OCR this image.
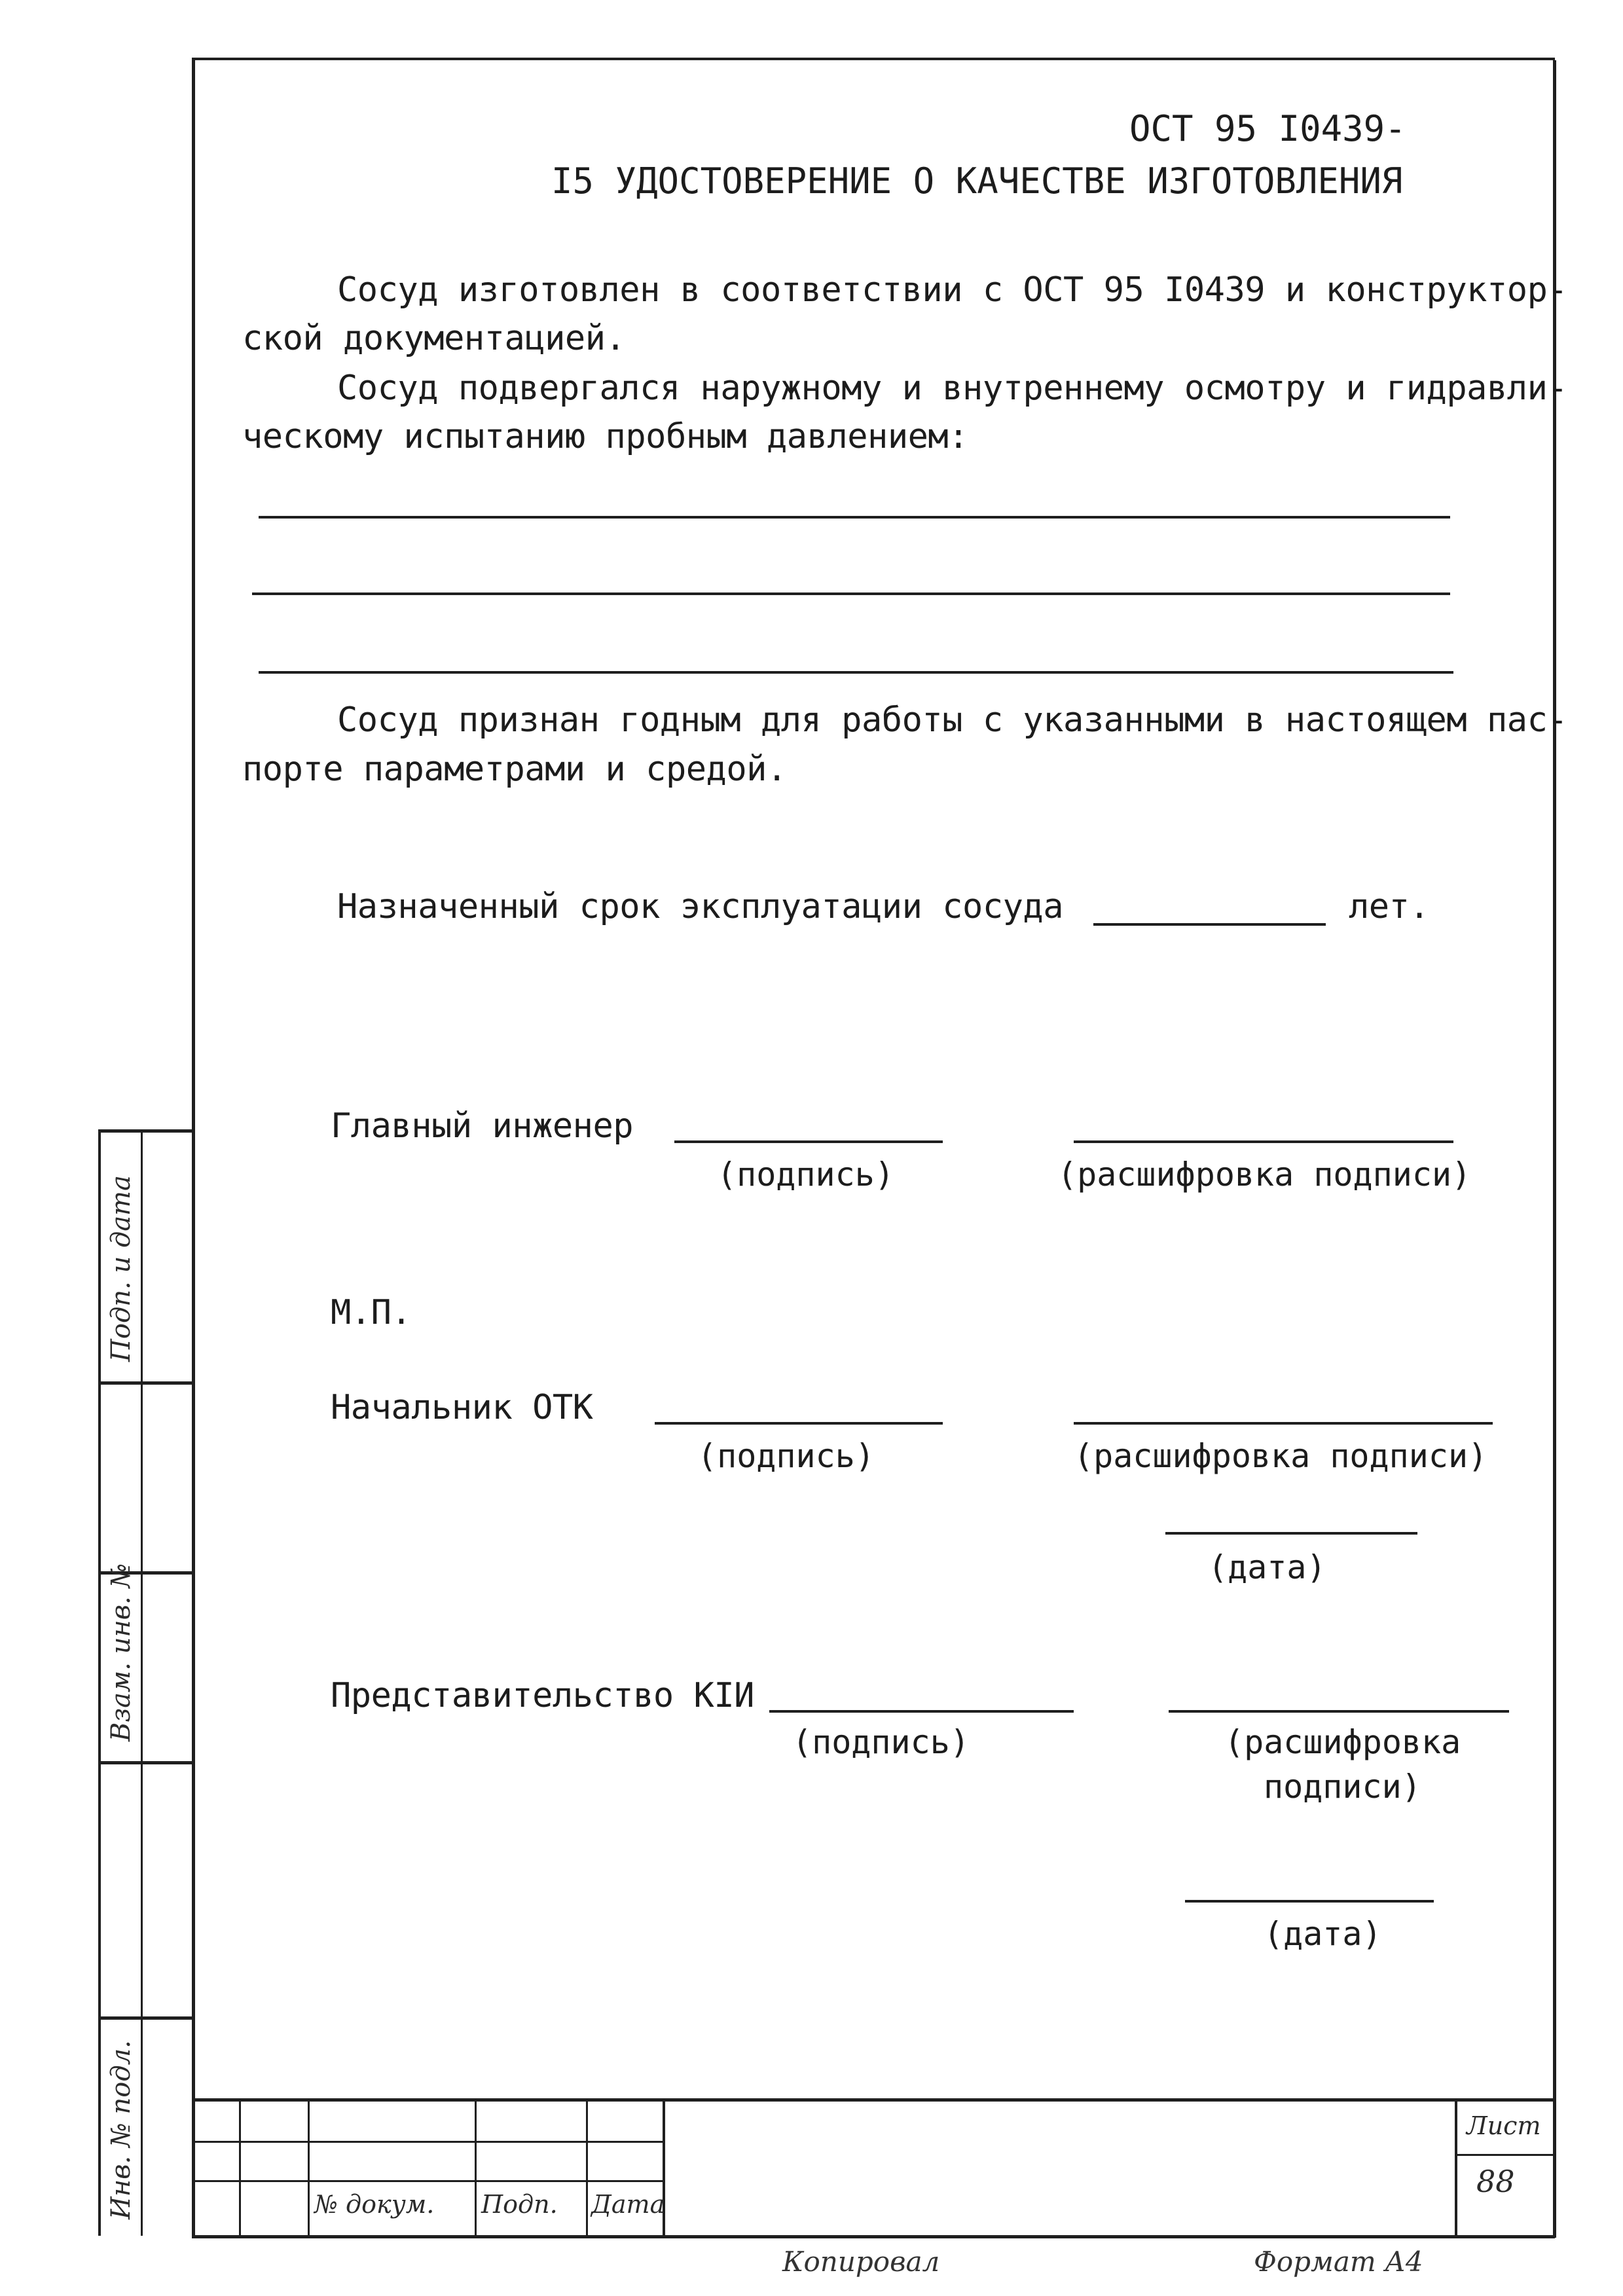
ОСТ 95 I0439-
I5 УДОСТОВЕРЕНИЕ О КАЧЕСТВЕ ИЗГОТОВЛЕНИЯ
Сосуд изготовлен в соответствии с ОСТ 95 I0439 и конструктор-
ской документацией.
Сосуд подвергался наружному и внутреннему осмотру и гидравли-
ческому испытанию пробным давлением:
Сосуд признан годным для работы с указанными в настоящем пас-
порте параметрами и средой.
Назначенный срок эксплуатации сосуда	лет.
Главный инженер
(подпись)	(расшифровка подписи)
М.П.
Начальник ОТК
(подпись)	(расшифровка подписи)
(дата)
Представительство КIИ
(подпись)	(расшифровка
подписи)
(дата)
Подп. и дата
Взам. инв. №
Инв. № подл.	№ докум. Подп. Дата
Лист
88
Копировал	Формат А4
